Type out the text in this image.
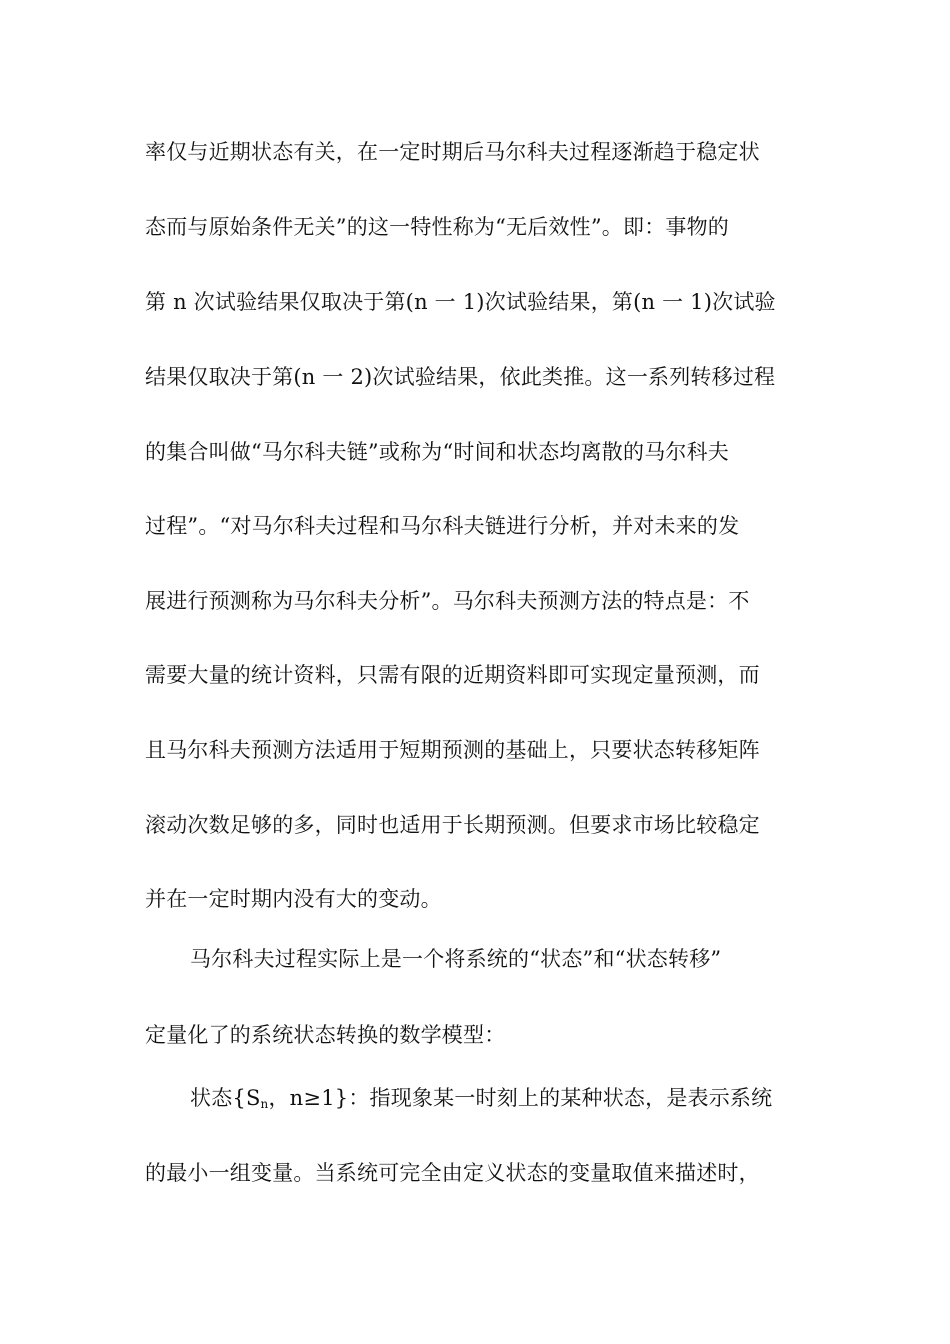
率仅与近期状态有关，在一定时期后马尔科夫过程逐渐趋于稳定状
态而与原始条件无关”的这一特性称为“无后效性”。即：事物的
第 n 次试验结果仅取决于第(n 一 1)次试验结果，第(n 一 1)次试验
结果仅取决于第(n 一 2)次试验结果，依此类推。这一系列转移过程
的集合叫做“马尔科夫链”或称为“时间和状态均离散的马尔科夫
过程”。“对马尔科夫过程和马尔科夫链进行分析，并对未来的发
展进行预测称为马尔科夫分析”。马尔科夫预测方法的特点是：不
需要大量的统计资料，只需有限的近期资料即可实现定量预测，而
且马尔科夫预测方法适用于短期预测的基础上，只要状态转移矩阵
滚动次数足够的多，同时也适用于长期预测。但要求市场比较稳定
并在一定时期内没有大的变动。
马尔科夫过程实际上是一个将系统的“状态”和“状态转移”
定量化了的系统状态转换的数学模型：
状态{$S_n$，n≥1}：指现象某一时刻上的某种状态，是表示系统
的最小一组变量。当系统可完全由定义状态的变量取值来描述时，
